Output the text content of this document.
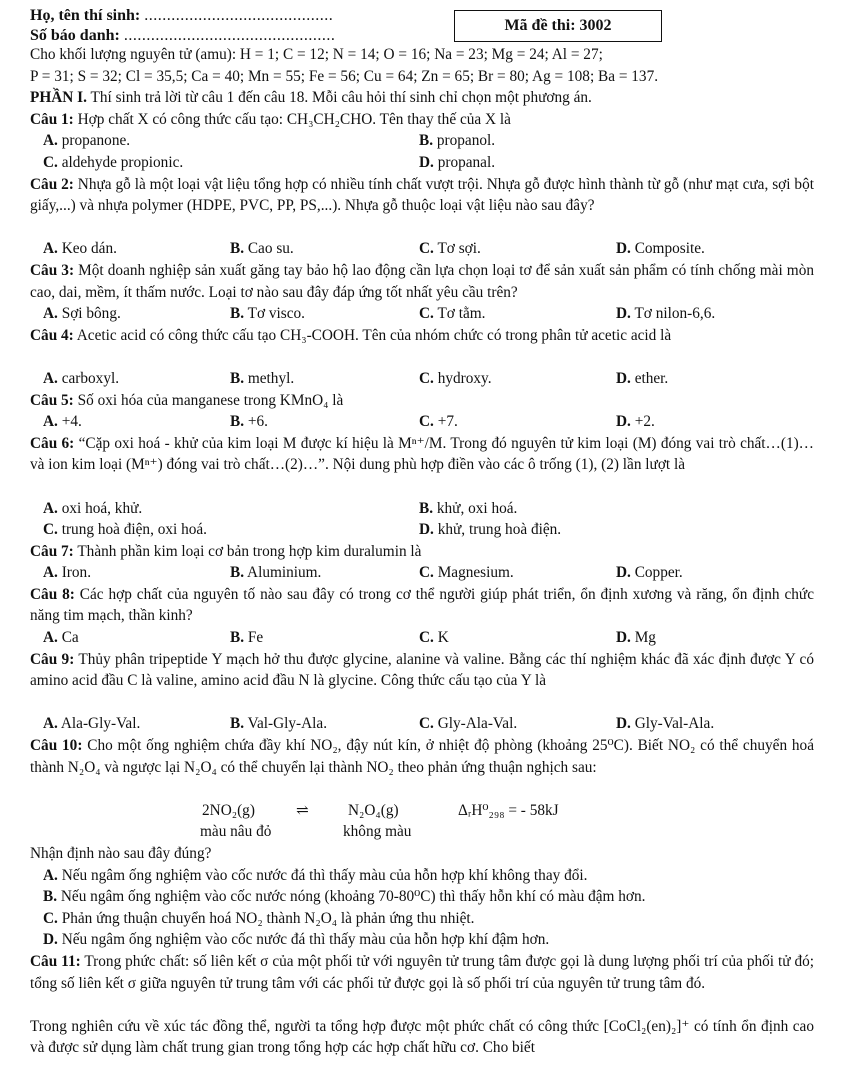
Họ, tên thí sinh: ..........................................
Số báo danh: ...............................................
Mã đề thi: 3002
Cho khối lượng nguyên tử (amu): H = 1; C = 12; N = 14; O = 16; Na = 23; Mg = 24; Al = 27;
P = 31; S = 32; Cl = 35,5; Ca = 40; Mn = 55; Fe = 56; Cu = 64; Zn = 65; Br = 80; Ag = 108; Ba = 137.
PHẦN I. Thí sinh trả lời từ câu 1 đến câu 18. Mỗi câu hỏi thí sinh chỉ chọn một phương án.
Câu 1: Hợp chất X có công thức cấu tạo: CH₃CH₂CHO. Tên thay thế của X là
A. propanone.	B. propanol.
C. aldehyde propionic.	D. propanal.
Câu 2: Nhựa gỗ là một loại vật liệu tổng hợp có nhiều tính chất vượt trội. Nhựa gỗ được hình thành từ gỗ (như mạt cưa, sợi bột giấy,...) và nhựa polymer (HDPE, PVC, PP, PS,...). Nhựa gỗ thuộc loại vật liệu nào sau đây?
A. Keo dán.	B. Cao su.	C. Tơ sợi.	D. Composite.
Câu 3: Một doanh nghiệp sản xuất găng tay bảo hộ lao động cần lựa chọn loại tơ để sản xuất sản phẩm có tính chống mài mòn cao, dai, mềm, ít thấm nước. Loại tơ nào sau đây đáp ứng tốt nhất yêu cầu trên?
A. Sợi bông.	B. Tơ visco.	C. Tơ tằm.	D. Tơ nilon-6,6.
Câu 4: Acetic acid có công thức cấu tạo CH₃-COOH. Tên của nhóm chức có trong phân tử acetic acid là
A. carboxyl.	B. methyl.	C. hydroxy.	D. ether.
Câu 5: Số oxi hóa của manganese trong KMnO₄ là
A. +4.	B. +6.	C. +7.	D. +2.
Câu 6: “Cặp oxi hoá - khử của kim loại M được kí hiệu là Mⁿ⁺/M. Trong đó nguyên tử kim loại (M) đóng vai trò chất…(1)… và ion kim loại (Mⁿ⁺) đóng vai trò chất…(2)…”. Nội dung phù hợp điền vào các ô trống (1), (2) lần lượt là
A. oxi hoá, khử.	B. khử, oxi hoá.
C. trung hoà điện, oxi hoá.	D. khử, trung hoà điện.
Câu 7: Thành phần kim loại cơ bản trong hợp kim duralumin là
A. Iron.	B. Aluminium.	C. Magnesium.	D. Copper.
Câu 8: Các hợp chất của nguyên tố nào sau đây có trong cơ thể người giúp phát triển, ổn định xương và răng, ổn định chức năng tim mạch, thần kinh?
A. Ca	B. Fe	C. K	D. Mg
Câu 9: Thủy phân tripeptide Y mạch hở thu được glycine, alanine và valine. Bằng các thí nghiệm khác đã xác định được Y có amino acid đầu C là valine, amino acid đầu N là glycine. Công thức cấu tạo của Y là
A. Ala-Gly-Val.	B. Val-Gly-Ala.	C. Gly-Ala-Val.	D. Gly-Val-Ala.
Câu 10: Cho một ống nghiệm chứa đầy khí NO₂, đậy nút kín, ở nhiệt độ phòng (khoảng 25⁰C). Biết NO₂ có thể chuyển hoá thành N₂O₄ và ngược lại N₂O₄ có thể chuyển lại thành NO₂ theo phản ứng thuận nghịch sau:
2NO₂(g)	⇌	N₂O₄(g)	ΔᵣH⁰₂₉₈ = - 58kJ
màu nâu đỏ	không màu
Nhận định nào sau đây đúng?
A. Nếu ngâm ống nghiệm vào cốc nước đá thì thấy màu của hỗn hợp khí không thay đổi.
B. Nếu ngâm ống nghiệm vào cốc nước nóng (khoảng 70-80⁰C) thì thấy hỗn khí có màu đậm hơn.
C. Phản ứng thuận chuyển hoá NO₂ thành N₂O₄ là phản ứng thu nhiệt.
D. Nếu ngâm ống nghiệm vào cốc nước đá thì thấy màu của hỗn hợp khí đậm hơn.
Câu 11: Trong phức chất: số liên kết σ của một phối tử với nguyên tử trung tâm được gọi là dung lượng phối trí của phối tử đó; tổng số liên kết σ giữa nguyên tử trung tâm với các phối tử được gọi là số phối trí của nguyên tử trung tâm đó.
Trong nghiên cứu về xúc tác đồng thể, người ta tổng hợp được một phức chất có công thức [CoCl₂(en)₂]⁺ có tính ổn định cao và được sử dụng làm chất trung gian trong tổng hợp các hợp chất hữu cơ. Cho biết
